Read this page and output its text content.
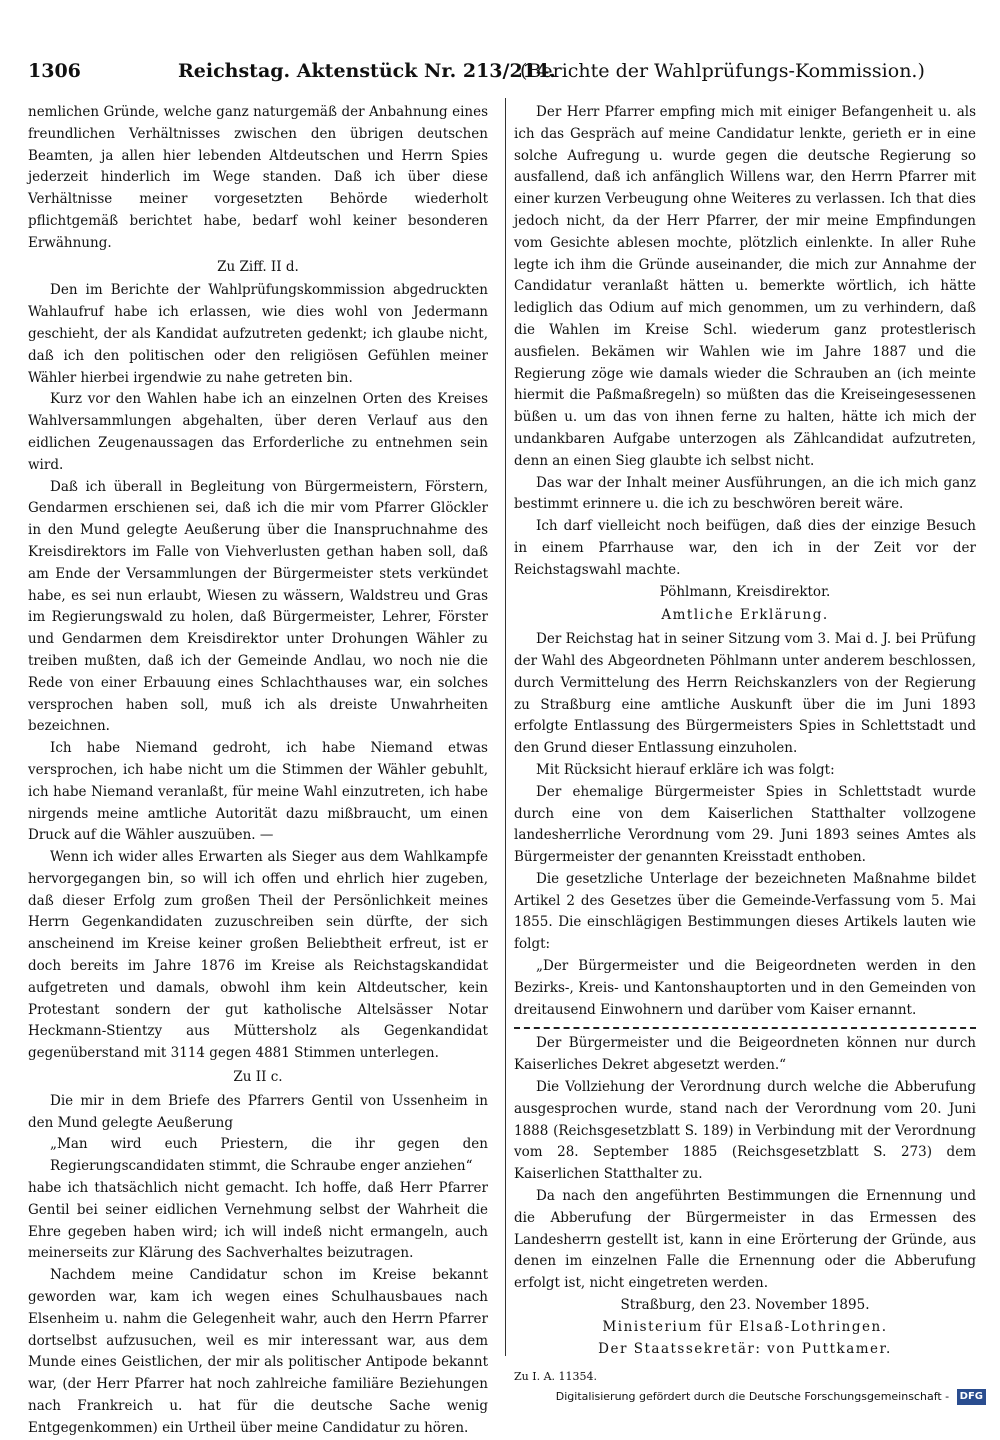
1306	Reichstag. Aktenstück Nr. 213/214.
(Berichte der Wahlprüfungs-Kommission.)

nemlichen Gründe, welche ganz naturgemäß der Anbahnung eines freundlichen Verhältnisses zwischen den übrigen deutschen Beamten, ja allen hier lebenden Altdeutschen und Herrn Spies jederzeit hinderlich im Wege standen. Daß ich über diese Verhältnisse meiner vorgesetzten Behörde wiederholt pflichtgemäß berichtet habe, bedarf wohl keiner besonderen Erwähnung.

Zu Ziff. II d.

Den im Berichte der Wahlprüfungskommission abgedruckten Wahlaufruf habe ich erlassen, wie dies wohl von Jedermann geschieht, der als Kandidat aufzutreten gedenkt; ich glaube nicht, daß ich den politischen oder den religiösen Gefühlen meiner Wähler hierbei irgendwie zu nahe getreten bin.

Kurz vor den Wahlen habe ich an einzelnen Orten des Kreises Wahlversammlungen abgehalten, über deren Verlauf aus den eidlichen Zeugenaussagen das Erforderliche zu entnehmen sein wird.

Daß ich überall in Begleitung von Bürgermeistern, Förstern, Gendarmen erschienen sei, daß ich die mir vom Pfarrer Glöckler in den Mund gelegte Aeußerung über die Inanspruchnahme des Kreisdirektors im Falle von Viehverlusten gethan haben soll, daß am Ende der Versammlungen der Bürgermeister stets verkündet habe, es sei nun erlaubt, Wiesen zu wässern, Waldstreu und Gras im Regierungswald zu holen, daß Bürgermeister, Lehrer, Förster und Gendarmen dem Kreisdirektor unter Drohungen Wähler zu treiben mußten, daß ich der Gemeinde Andlau, wo noch nie die Rede von einer Erbauung eines Schlachthauses war, ein solches versprochen haben soll, muß ich als dreiste Unwahrheiten bezeichnen.

Ich habe Niemand gedroht, ich habe Niemand etwas versprochen, ich habe nicht um die Stimmen der Wähler gebuhlt, ich habe Niemand veranlaßt, für meine Wahl einzutreten, ich habe nirgends meine amtliche Autorität dazu mißbraucht, um einen Druck auf die Wähler auszuüben. —

Wenn ich wider alles Erwarten als Sieger aus dem Wahlkampfe hervorgegangen bin, so will ich offen und ehrlich hier zugeben, daß dieser Erfolg zum großen Theil der Persönlichkeit meines Herrn Gegenkandidaten zuzuschreiben sein dürfte, der sich anscheinend im Kreise keiner großen Beliebtheit erfreut, ist er doch bereits im Jahre 1876 im Kreise als Reichstagskandidat aufgetreten und damals, obwohl ihm kein Altdeutscher, kein Protestant sondern der gut katholische Altelsässer Notar Heckmann-Stientzy aus Müttersholz als Gegenkandidat gegenüberstand mit 3114 gegen 4881 Stimmen unterlegen.

Zu II c.

Die mir in dem Briefe des Pfarrers Gentil von Ussenheim in den Mund gelegte Aeußerung

„Man wird euch Priestern, die ihr gegen den Regierungscandidaten stimmt, die Schraube enger anziehen“

habe ich thatsächlich nicht gemacht. Ich hoffe, daß Herr Pfarrer Gentil bei seiner eidlichen Vernehmung selbst der Wahrheit die Ehre gegeben haben wird; ich will indeß nicht ermangeln, auch meinerseits zur Klärung des Sachverhaltes beizutragen.

Nachdem meine Candidatur schon im Kreise bekannt geworden war, kam ich wegen eines Schulhausbaues nach Elsenheim u. nahm die Gelegenheit wahr, auch den Herrn Pfarrer dortselbst aufzusuchen, weil es mir interessant war, aus dem Munde eines Geistlichen, der mir als politischer Antipode bekannt war, (der Herr Pfarrer hat noch zahlreiche familiäre Beziehungen nach Frankreich u. hat für die deutsche Sache wenig Entgegenkommen) ein Urtheil über meine Candidatur zu hören.

Der Herr Pfarrer empfing mich mit einiger Befangenheit u. als ich das Gespräch auf meine Candidatur lenkte, gerieth er in eine solche Aufregung u. wurde gegen die deutsche Regierung so ausfallend, daß ich anfänglich Willens war, den Herrn Pfarrer mit einer kurzen Verbeugung ohne Weiteres zu verlassen. Ich that dies jedoch nicht, da der Herr Pfarrer, der mir meine Empfindungen vom Gesichte ablesen mochte, plötzlich einlenkte. In aller Ruhe legte ich ihm die Gründe auseinander, die mich zur Annahme der Candidatur veranlaßt hätten u. bemerkte wörtlich, ich hätte lediglich das Odium auf mich genommen, um zu verhindern, daß die Wahlen im Kreise Schl. wiederum ganz protestlerisch ausfielen. Bekämen wir Wahlen wie im Jahre 1887 und die Regierung zöge wie damals wieder die Schrauben an (ich meinte hiermit die Paßmaßregeln) so müßten das die Kreiseingesessenen büßen u. um das von ihnen ferne zu halten, hätte ich mich der undankbaren Aufgabe unterzogen als Zählcandidat aufzutreten, denn an einen Sieg glaubte ich selbst nicht.

Das war der Inhalt meiner Ausführungen, an die ich mich ganz bestimmt erinnere u. die ich zu beschwören bereit wäre.

Ich darf vielleicht noch beifügen, daß dies der einzige Besuch in einem Pfarrhause war, den ich in der Zeit vor der Reichstagswahl machte.

Pöhlmann, Kreisdirektor.
Amtliche Erklärung.

Der Reichstag hat in seiner Sitzung vom 3. Mai d. J. bei Prüfung der Wahl des Abgeordneten Pöhlmann unter anderem beschlossen, durch Vermittelung des Herrn Reichskanzlers von der Regierung zu Straßburg eine amtliche Auskunft über die im Juni 1893 erfolgte Entlassung des Bürgermeisters Spies in Schlettstadt und den Grund dieser Entlassung einzuholen.

Mit Rücksicht hierauf erkläre ich was folgt:

Der ehemalige Bürgermeister Spies in Schlettstadt wurde durch eine von dem Kaiserlichen Statthalter vollzogene landesherrliche Verordnung vom 29. Juni 1893 seines Amtes als Bürgermeister der genannten Kreisstadt enthoben.

Die gesetzliche Unterlage der bezeichneten Maßnahme bildet Artikel 2 des Gesetzes über die Gemeinde-Verfassung vom 5. Mai 1855. Die einschlägigen Bestimmungen dieses Artikels lauten wie folgt:

„Der Bürgermeister und die Beigeordneten werden in den Bezirks-, Kreis- und Kantonshauptorten und in den Gemeinden von dreitausend Einwohnern und darüber vom Kaiser ernannt.

Der Bürgermeister und die Beigeordneten können nur durch Kaiserliches Dekret abgesetzt werden.“

Die Vollziehung der Verordnung durch welche die Abberufung ausgesprochen wurde, stand nach der Verordnung vom 20. Juni 1888 (Reichsgesetzblatt S. 189) in Verbindung mit der Verordnung vom 28. September 1885 (Reichsgesetzblatt S. 273) dem Kaiserlichen Statthalter zu.

Da nach den angeführten Bestimmungen die Ernennung und die Abberufung der Bürgermeister in das Ermessen des Landesherrn gestellt ist, kann in eine Erörterung der Gründe, aus denen im einzelnen Falle die Ernennung oder die Abberufung erfolgt ist, nicht eingetreten werden.

Straßburg, den 23. November 1895.
Ministerium für Elsaß-Lothringen.
Der Staatssekretär: von Puttkamer.
Zu I. A. 11354.
Digitalisierung gefördert durch die Deutsche Forschungsgemeinschaft - DFG
